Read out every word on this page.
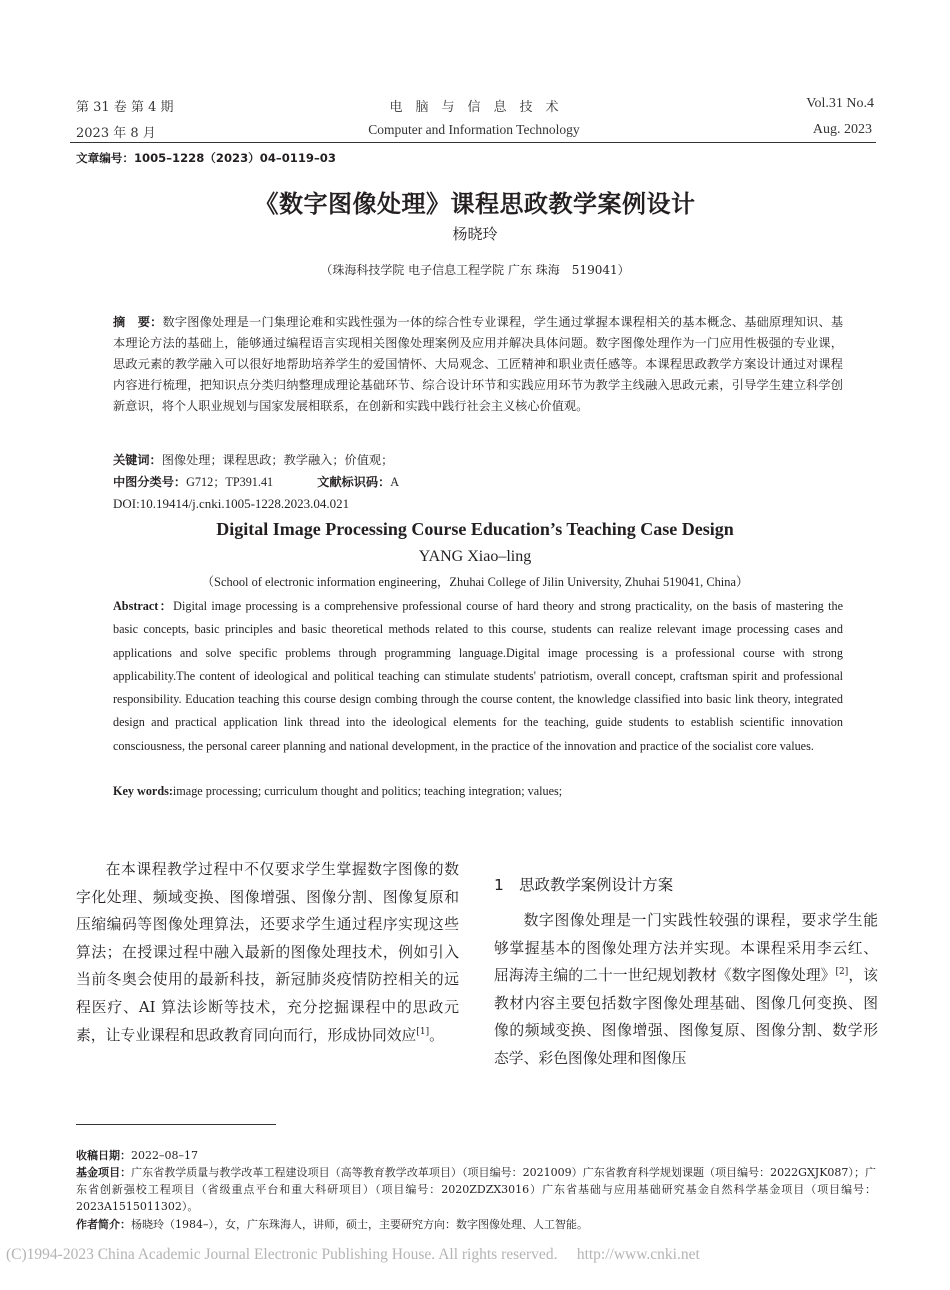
第 31 卷 第 4 期
2023 年 8 月
电　脑　与　信　息　技　术
Computer and Information Technology
Vol.31 No.4
Aug. 2023
文章编号：1005–1228（2023）04–0119–03
《数字图像处理》课程思政教学案例设计
杨晓玲
（珠海科技学院 电子信息工程学院 广东 珠海　519041）
摘　要：数字图像处理是一门集理论难和实践性强为一体的综合性专业课程，学生通过掌握本课程相关的基本概念、基础原理知识、基本理论方法的基础上，能够通过编程语言实现相关图像处理案例及应用并解决具体问题。数字图像处理作为一门应用性极强的专业课，思政元素的教学融入可以很好地帮助培养学生的爱国情怀、大局观念、工匠精神和职业责任感等。本课程思政教学方案设计通过对课程内容进行梳理，把知识点分类归纳整理成理论基础环节、综合设计环节和实践应用环节为教学主线融入思政元素，引导学生建立科学创新意识，将个人职业规划与国家发展相联系，在创新和实践中践行社会主义核心价值观。
关键词：图像处理；课程思政；教学融入；价值观；
中图分类号：G712；TP391.41	文献标识码：A
DOI:10.19414/j.cnki.1005-1228.2023.04.021
Digital Image Processing Course Education’s Teaching Case Design
YANG Xiao–ling
（School of electronic information engineering，Zhuhai College of Jilin University, Zhuhai 519041, China）
Abstract：Digital image processing is a comprehensive professional course of hard theory and strong practicality, on the basis of mastering the basic concepts, basic principles and basic theoretical methods related to this course, students can realize relevant image processing cases and applications and solve specific problems through programming language.Digital image processing is a professional course with strong applicability.The content of ideological and political teaching can stimulate students' patriotism, overall concept, craftsman spirit and professional responsibility. Education teaching this course design combing through the course content, the knowledge classified into basic link theory, integrated design and practical application link thread into the ideological elements for the teaching, guide students to establish scientific innovation consciousness, the personal career planning and national development, in the practice of the innovation and practice of the socialist core values.
Key words:image processing; curriculum thought and politics; teaching integration; values;
在本课程教学过程中不仅要求学生掌握数字图像的数字化处理、频域变换、图像增强、图像分割、图像复原和压缩编码等图像处理算法，还要求学生通过程序实现这些算法；在授课过程中融入最新的图像处理技术，例如引入当前冬奥会使用的最新科技，新冠肺炎疫情防控相关的远程医疗、AI 算法诊断等技术，充分挖掘课程中的思政元素，让专业课程和思政教育同向而行，形成协同效应[1]。
1　思政教学案例设计方案
数字图像处理是一门实践性较强的课程，要求学生能够掌握基本的图像处理方法并实现。本课程采用李云红、屈海涛主编的二十一世纪规划教材《数字图像处理》[2]，该教材内容主要包括数字图像处理基础、图像几何变换、图像的频域变换、图像增强、图像复原、图像分割、数学形态学、彩色图像处理和图像压
收稿日期：2022–08–17
基金项目：广东省教学质量与教学改革工程建设项目（高等教育教学改革项目）（项目编号：2021009）广东省教育科学规划课题（项目编号：2022GXJK087）；广东省创新强校工程项目（省级重点平台和重大科研项目）（项目编号：2020ZDZX3016）广东省基础与应用基础研究基金自然科学基金项目（项目编号：2023A1515011302）。
作者简介：杨晓玲（1984–），女，广东珠海人，讲师，硕士，主要研究方向：数字图像处理、人工智能。
(C)1994-2023 China Academic Journal Electronic Publishing House. All rights reserved.　 http://www.cnki.net
